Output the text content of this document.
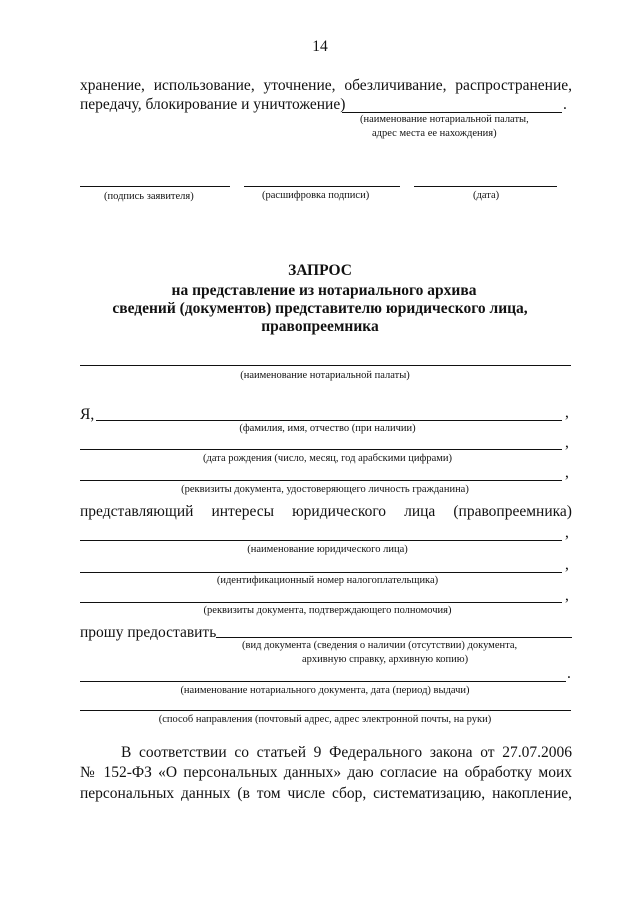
14
хранение, использование, уточнение, обезличивание, распространение,
передачу, блокирование и уничтожение)	.
(наименование нотариальной палаты,
адрес места ее нахождения)
(подпись заявителя)	(расшифровка подписи)	(дата)
ЗАПРОС
на представление из нотариального архива
сведений (документов) представителю юридического лица,
правопреемника
(наименование нотариальной палаты)
Я,	,
(фамилия, имя, отчество (при наличии)
,
(дата рождения (число, месяц, год арабскими цифрами)
,
(реквизиты документа, удостоверяющего личность гражданина)
представляющий интересы юридического лица (правопреемника)
,
(наименование юридического лица)
,
(идентификационный номер налогоплательщика)
,
(реквизиты документа, подтверждающего полномочия)
прошу предоставить
(вид документа (сведения о наличии (отсутствии) документа,
архивную справку, архивную копию)
.
(наименование нотариального документа, дата (период) выдачи)
(способ направления (почтовый адрес, адрес электронной почты, на руки)
В соответствии со статьей 9 Федерального закона от 27.07.2006
№ 152-ФЗ «О персональных данных» даю согласие на обработку моих
персональных данных (в том числе сбор, систематизацию, накопление,
